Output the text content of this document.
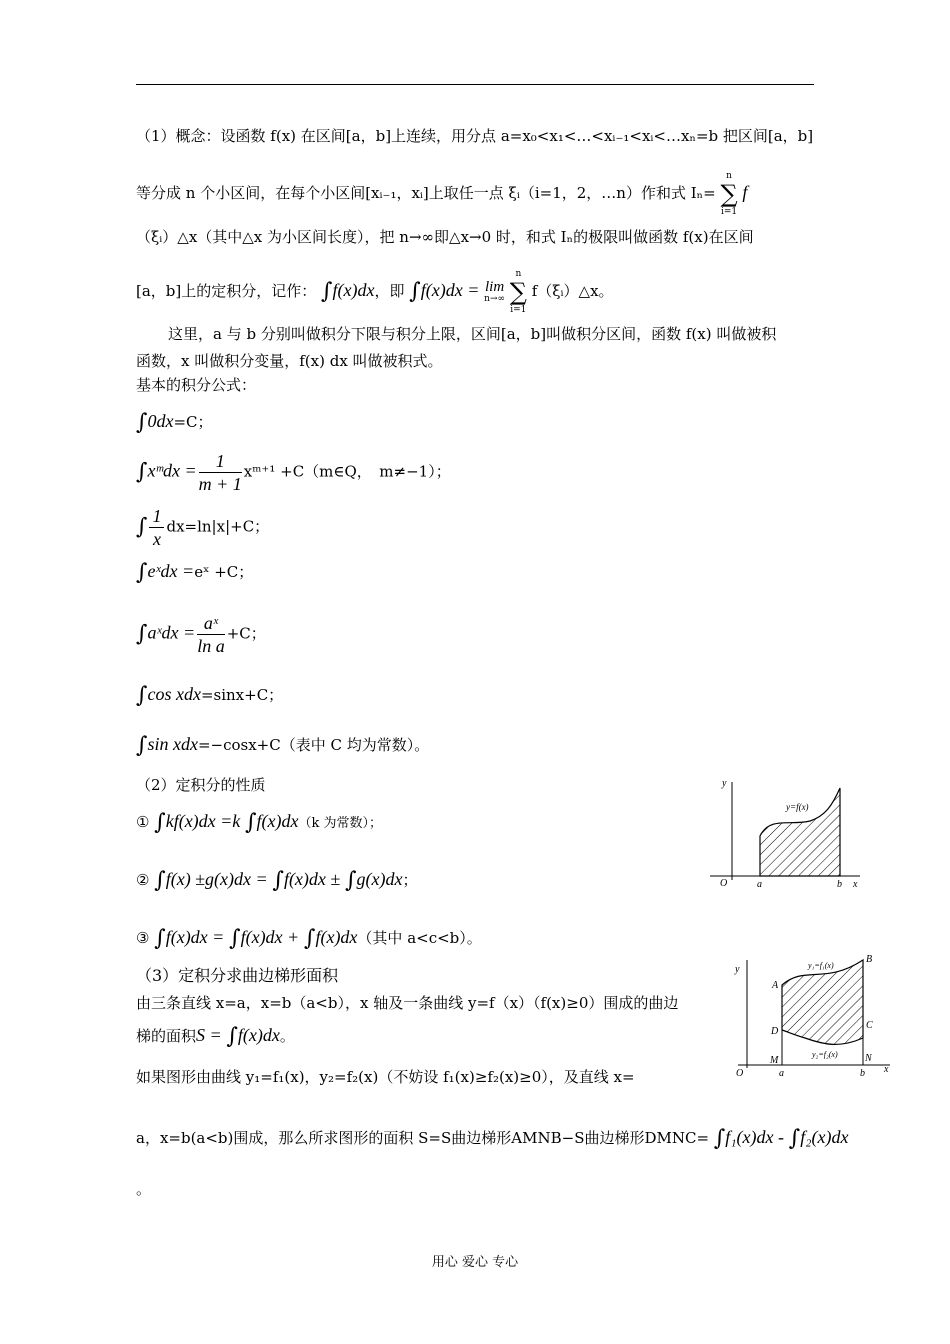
（1）概念：设函数 f(x) 在区间[a，b]上连续，用分点 a=x₀<x₁<…<xᵢ₋₁<xᵢ<…xₙ=b 把区间[a，b]
等分成 n 个小区间，在每个小区间[xᵢ₋₁，xᵢ]上取任一点 ξᵢ（i=1，2，…n）作和式 Iₙ=
n
∑
i=1
f
（ξᵢ）△x（其中△x 为小区间长度），把 n→∞即△x→0 时，和式 Iₙ的极限叫做函数 f(x)在区间
[a，b]上的定积分，记作： ∫f(x)dx，即 ∫f(x)dx = lim
n→∞

n
∑
i=1
f（ξᵢ）△x。
这里，a 与 b 分别叫做积分下限与积分上限，区间[a，b]叫做积分区间，函数 f(x) 叫做被积
函数，x 叫做积分变量，f(x) dx 叫做被积式。
基本的积分公式：
∫0dx=C；
∫xᵐdx = $\frac{1}{m + 1}$ xᵐ⁺¹ +C（m∈Q，　m≠−1）；
∫ $\frac{1}{x} dx=\ln|x|+C$；
∫eˣdx =eˣ +C；
∫aˣdx = $\frac{\text{aˣ}}{\text{ln a}} +C$；
∫cos xdx=sinx+C；
∫sin xdx=−cosx+C（表中 C 均为常数）。
（2）定积分的性质
① ∫kf(x)dx =k ∫f(x)dx（k 为常数）；
② ∫f(x) ±g(x)dx = ∫f(x)dx ± ∫g(x)dx；
③ ∫f(x)dx = ∫f(x)dx + ∫f(x)dx（其中 a<c<b）。
（3）定积分求曲边梯形面积
由三条直线 x=a，x=b（a<b），x 轴及一条曲线 y=f（x）（f(x)≥0）围成的曲边
梯的面积S = ∫f(x)dx。
如果图形由曲线 y₁=f₁(x)，y₂=f₂(x)（不妨设 f₁(x)≥f₂(x)≥0），及直线 x=
a，x=b(a<b)围成，那么所求图形的面积 S=S曲边梯形AMNB−S曲边梯形DMNC= ∫f₁(x)dx - ∫f₂(x)dx
。
y
x
O	a	b
y=f(x)
y
x
O	a	b
A
B
C
D
M	N
y₁=f₁(x)
y₂=f₂(x)
用心 爱心 专心
